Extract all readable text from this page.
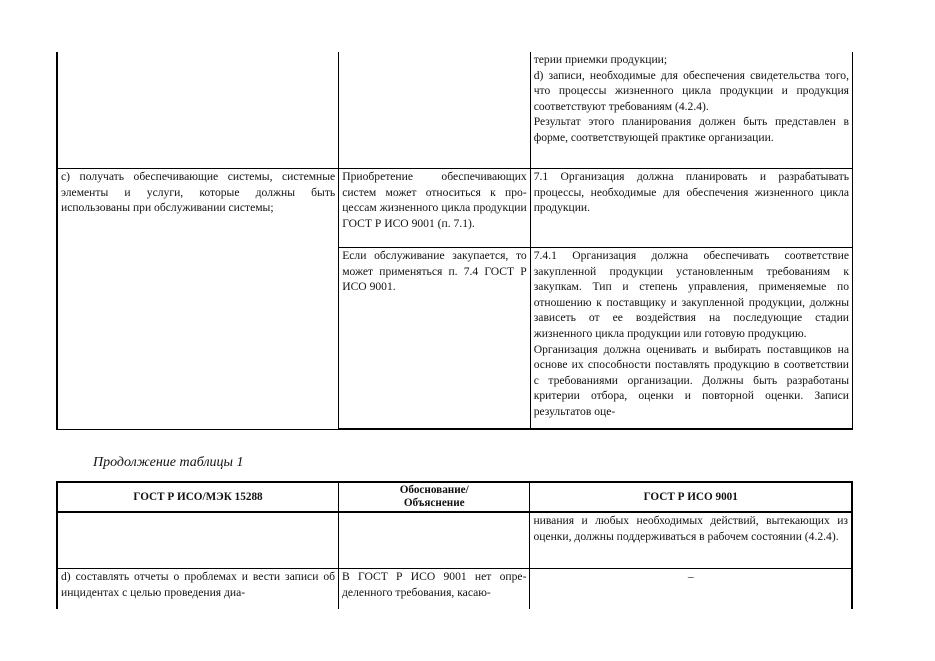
		терии приемки продукции;

d) записи, необходимые для обеспечения свидетельства того, что процессы жизненного цикла продукции и продукция соответствуют требованиям (4.2.4).

Результат этого планирования должен быть представлен в форме, соответствующей практике организации.

с) получать обеспечивающие системы, системные элементы и услуги, которые должны быть использованы при обслуживании системы;	Приобретение обеспечивающих систем может относиться к процессам жизненного цикла продукции ГОСТ Р ИСО 9001 (п. 7.1).	7.1 Организация должна планировать и разрабатывать процессы, необходимые для обеспечения жизненного цикла продукции.
	Если обслуживание закупается, то может применяться п. 7.4 ГОСТ Р ИСО 9001.	7.4.1 Организация должна обеспечивать соответствие закупленной продукции установленным требованиям к закупкам. Тип и степень управления, применяемые по отношению к поставщику и закупленной продукции, должны зависеть от ее воздействия на последующие стадии жизненного цикла продукции или готовую продукцию.

Организация должна оценивать и выбирать поставщиков на основе их способности поставлять продукцию в соответствии с требованиями организации. Должны быть разработаны критерии отбора, оценки и повторной оценки. Записи результатов оце-

Продолжение таблицы 1
ГОСТ Р ИСО/МЭК 15288	Обоснование/
Объяснение	ГОСТ Р ИСО 9001
		нивания и любых необходимых действий, вытекающих из оценки, должны поддерживаться в рабочем состоянии (4.2.4).
d) составлять отчеты о проблемах и вести записи об инцидентах с целью проведения диа-	В ГОСТ Р ИСО 9001 нет определенного требования, касаю-	–
